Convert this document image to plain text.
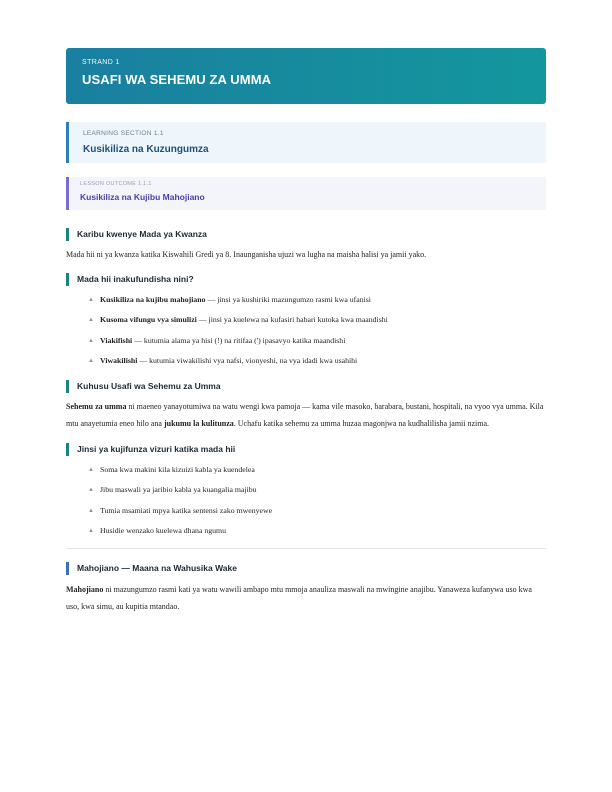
STRAND 1
USAFI WA SEHEMU ZA UMMA
LEARNING SECTION 1.1
Kusikiliza na Kuzungumza
LESSON OUTCOME 1.1.1
Kusikiliza na Kujibu Mahojiano
Karibu kwenye Mada ya Kwanza

Mada hii ni ya kwanza katika Kiswahili Gredi ya 8. Inaunganisha ujuzi wa lugha na maisha halisi ya jamii yako.

Mada hii inakufundisha nini?
▲ Kusikiliza na kujibu mahojiano — jinsi ya kushiriki mazungumzo rasmi kwa ufanisi
▲ Kusoma vifungu vya simulizi — jinsi ya kuelewa na kufasiri habari kutoka kwa maandishi
▲ Viakifishi — kutumia alama ya hisi (!) na ritifaa (') ipasavyo katika maandishi
▲ Viwakilishi — kutumia viwakilishi vya nafsi, vionyeshi, na vya idadi kwa usahihi
Kuhusu Usafi wa Sehemu za Umma

Sehemu za umma ni maeneo yanayotumiwa na watu wengi kwa pamoja — kama vile masoko, barabara, bustani, hospitali, na vyoo vya umma. Kila mtu anayetumia eneo hilo ana jukumu la kulitunza. Uchafu katika sehemu za umma huzaa magonjwa na kudhalilisha jamii nzima.

Jinsi ya kujifunza vizuri katika mada hii
▲ Soma kwa makini kila kizuizi kabla ya kuendelea
▲ Jibu maswali ya jaribio kabla ya kuangalia majibu
▲ Tumia msamiati mpya katika sentensi zako mwenyewe
▲ Husidie wenzako kuelewa dhana ngumu
Mahojiano — Maana na Wahusika Wake

Mahojiano ni mazungumzo rasmi kati ya watu wawili ambapo mtu mmoja anauliza maswali na mwingine anajibu. Yanaweza kufanywa uso kwa uso, kwa simu, au kupitia mtandao.
